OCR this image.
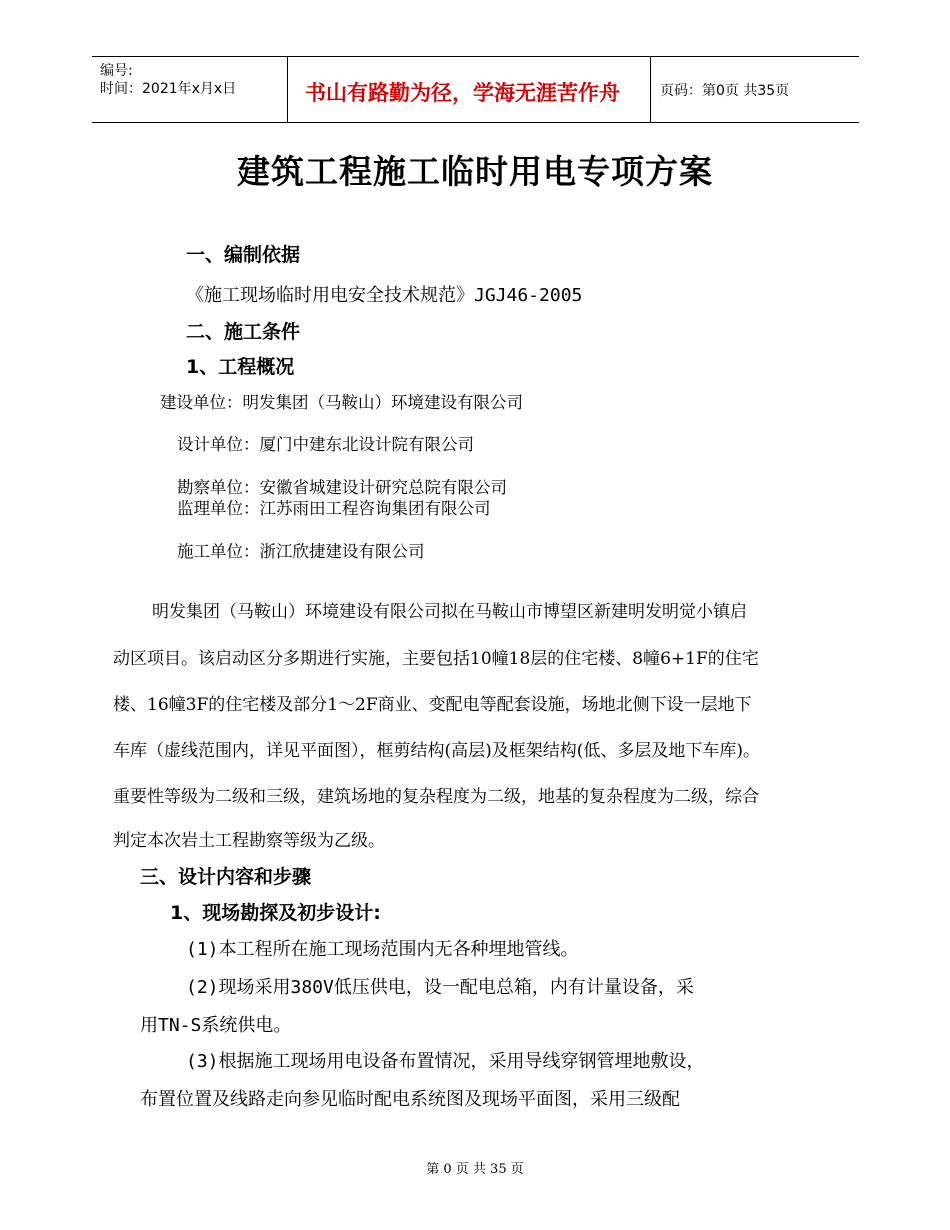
编号:
时间：2021年x月x日	书山有路勤为径，学海无涯苦作舟	页码：第0页 共35页
建筑工程施工临时用电专项方案
一、编制依据
《施工现场临时用电安全技术规范》JGJ46-2005
二、施工条件
1、工程概况
建设单位：明发集团（马鞍山）环境建设有限公司
设计单位：厦门中建东北设计院有限公司
勘察单位：安徽省城建设计研究总院有限公司
监理单位：江苏雨田工程咨询集团有限公司
施工单位：浙江欣捷建设有限公司
明发集团（马鞍山）环境建设有限公司拟在马鞍山市博望区新建明发明觉小镇启
动区项目。该启动区分多期进行实施，主要包括10幢18层的住宅楼、8幢6+1F的住宅
楼、16幢3F的住宅楼及部分1～2F商业、变配电等配套设施，场地北侧下设一层地下
车库（虚线范围内，详见平面图），框剪结构(高层)及框架结构(低、多层及地下车库)。
重要性等级为二级和三级，建筑场地的复杂程度为二级，地基的复杂程度为二级，综合
判定本次岩土工程勘察等级为乙级。
三、设计内容和步骤
1、现场勘探及初步设计:
(1)本工程所在施工现场范围内无各种埋地管线。
(2)现场采用380V低压供电，设一配电总箱，内有计量设备，采
用TN-S系统供电。
(3)根据施工现场用电设备布置情况，采用导线穿钢管埋地敷设，
布置位置及线路走向参见临时配电系统图及现场平面图，采用三级配
第 0 页 共 35 页
